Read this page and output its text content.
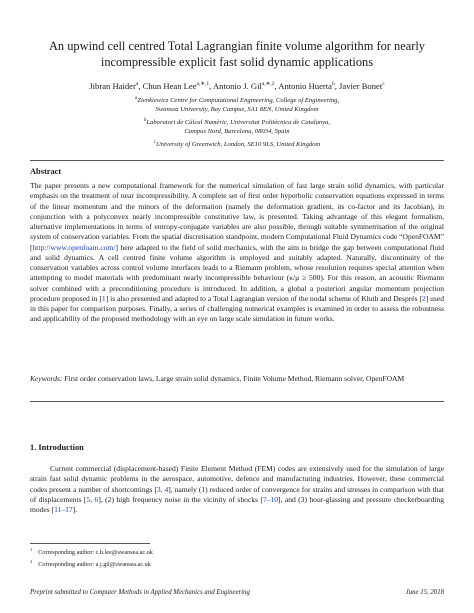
An upwind cell centred Total Lagrangian finite volume algorithm for nearly
incompressible explicit fast solid dynamic applications
Jibran Haider$^a$, Chun Hean Lee$^{a,∗,1}$, Antonio J. Gil$^{a,∗,2}$, Antonio Huerta$^b$, Javier Bonet$^c$
$^a$Zienkiewicz Centre for Computational Engineering, College of Engineering,
Swansea University, Bay Campus, SA1 8EN, United Kingdom
$^b$Laboratori de Càlcul Numèric, Universitat Politècnica de Catalunya,
Campus Nord, Barcelona, 08034, Spain
$^c$University of Greenwich, London, SE10 9LS, United Kingdom
Abstract
The paper presents a new computational framework for the numerical simulation of fast large strain solid dynamics, with particular emphasis on the treatment of near incompressibility. A complete set of first order hyperbolic conservation equations expressed in terms of the linear momentum and the minors of the deformation (namely the deformation gradient, its co-factor and its Jacobian), in conjunction with a polyconvex nearly incompressible constitutive law, is presented. Taking advantage of this elegant formalism, alternative implementations in terms of entropy-conjugate variables are also possible, through suitable symmetrisation of the original system of conservation variables. From the spatial discretisation standpoint, modern Computational Fluid Dynamics code “OpenFOAM” [http://www.openfoam.com/] here adapted to the field of solid mechanics, with the aim to bridge the gap between computational fluid and solid dynamics. A cell centred finite volume algorithm is employed and suitably adapted. Naturally, discontinuity of the conservation variables across control volume interfaces leads to a Riemann problem, whose resolution requires special attention when attempting to model materials with predominant nearly incompressible behaviour (κ/μ ≥ 500). For this reason, an acoustic Riemann solver combined with a preconditioning procedure is introduced. In addition, a global a posteriori angular momentum projection procedure proposed in [1] is also presented and adapted to a Total Lagrangian version of the nodal scheme of Kluth and Després [2] used in this paper for comparison purposes. Finally, a series of challenging numerical examples is examined in order to assess the robustness and applicability of the proposed methodology with an eye on large scale simulation in future works.
Keywords: First order conservation laws, Large strain solid dynamics, Finite Volume Method, Riemann solver, OpenFOAM
1. Introduction
Current commercial (displacement-based) Finite Element Method (FEM) codes are extensively used for the simulation of large strain fast solid dynamic problems in the aerospace, automotive, defence and manufacturing industries. However, these commercial codes present a number of shortcomings [3, 4], namely (1) reduced order of convergence for strains and stresses in comparison with that of displacements [5, 6], (2) high frequency noise in the vicinity of shocks [7–10], and (3) hour-glassing and pressure checkerboarding modes [11–17].
$^1$ Corresponding author: c.h.lee@swansea.ac.uk
$^2$ Corresponding author: a.j.gil@swansea.ac.uk
Preprint submitted to Computer Methods in Applied Mechanics and Engineering	June 15, 2018
